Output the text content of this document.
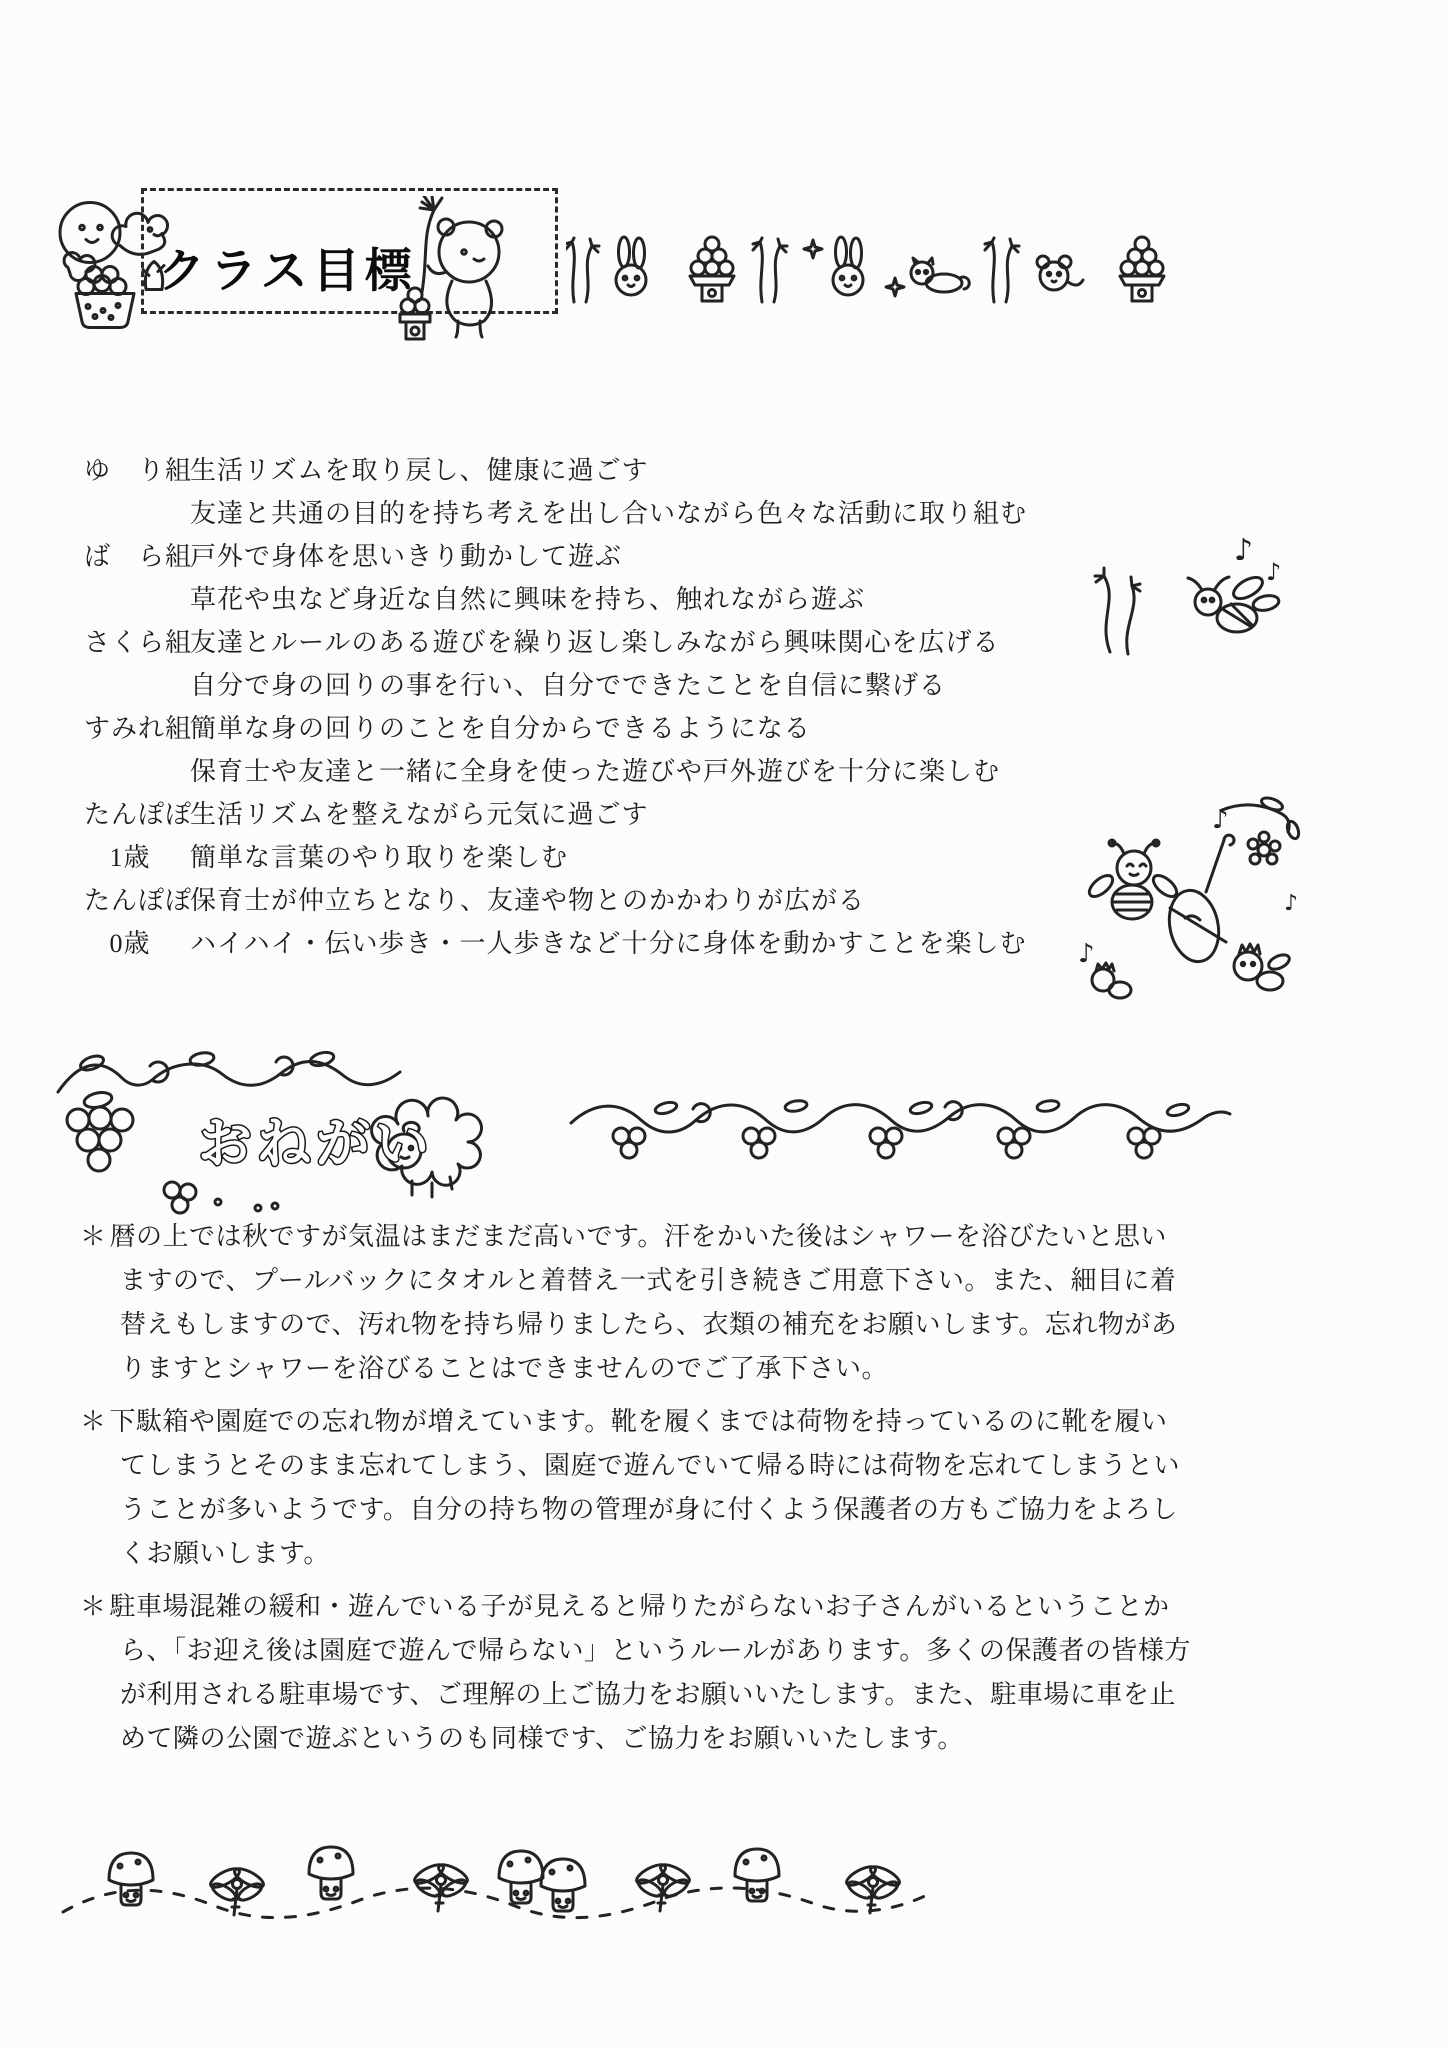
クラス目標
ゆ　り組
生活リズムを取り戻し、健康に過ごす
友達と共通の目的を持ち考えを出し合いながら色々な活動に取り組む
ば　ら組
戸外で身体を思いきり動かして遊ぶ
草花や虫など身近な自然に興味を持ち、触れながら遊ぶ
さくら組
友達とルールのある遊びを繰り返し楽しみながら興味関心を広げる
自分で身の回りの事を行い、自分でできたことを自信に繋げる
すみれ組
簡単な身の回りのことを自分からできるようになる
保育士や友達と一緒に全身を使った遊びや戸外遊びを十分に楽しむ
たんぽぽ
生活リズムを整えながら元気に過ごす
1歳	簡単な言葉のやり取りを楽しむ
たんぽぽ
保育士が仲立ちとなり、友達や物とのかかわりが広がる
0歳	ハイハイ・伝い歩き・一人歩きなど十分に身体を動かすことを楽しむ
♪
♪
♪
♪
♪
おねがい
＊ 暦の上では秋ですが気温はまだまだ高いです。汗をかいた後はシャワーを浴びたいと思い
ますので、プールバックにタオルと着替え一式を引き続きご用意下さい。また、細目に着
替えもしますので、汚れ物を持ち帰りましたら、衣類の補充をお願いします。忘れ物があ
りますとシャワーを浴びることはできませんのでご了承下さい。
＊ 下駄箱や園庭での忘れ物が増えています。靴を履くまでは荷物を持っているのに靴を履い
てしまうとそのまま忘れてしまう、園庭で遊んでいて帰る時には荷物を忘れてしまうとい
うことが多いようです。自分の持ち物の管理が身に付くよう保護者の方もご協力をよろし
くお願いします。
＊ 駐車場混雑の緩和・遊んでいる子が見えると帰りたがらないお子さんがいるということか
ら、「お迎え後は園庭で遊んで帰らない」というルールがあります。多くの保護者の皆様方
が利用される駐車場です、ご理解の上ご協力をお願いいたします。また、駐車場に車を止
めて隣の公園で遊ぶというのも同様です、ご協力をお願いいたします。
